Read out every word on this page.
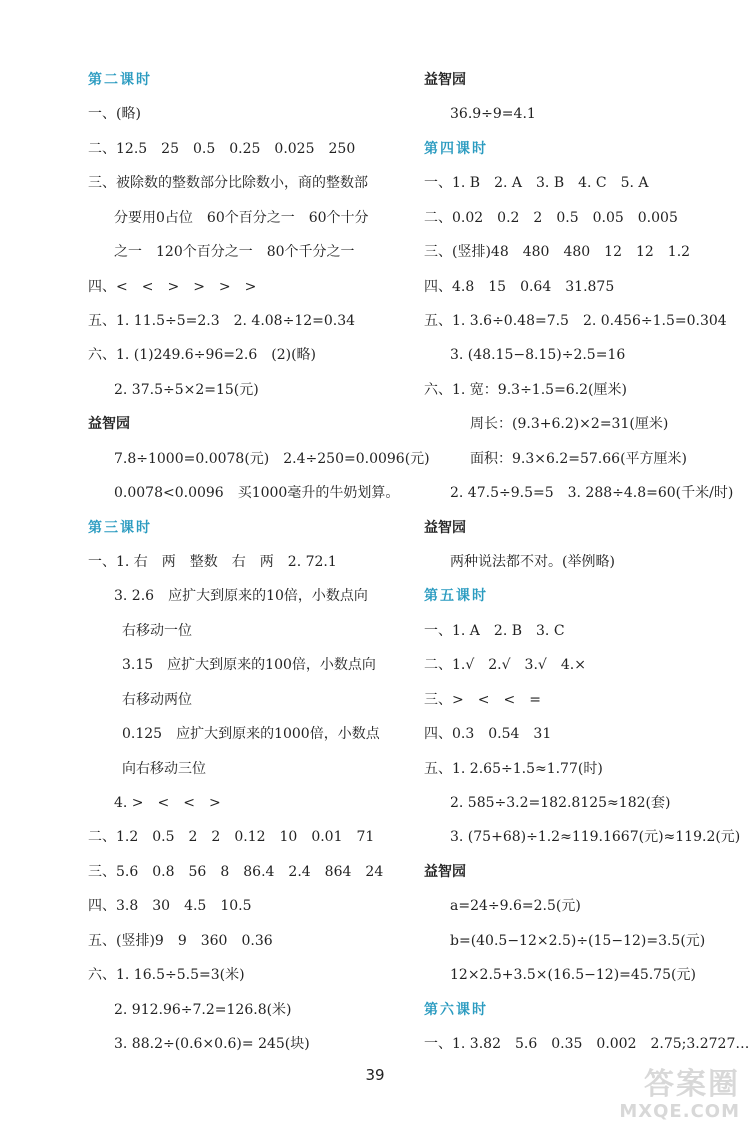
第二课时
一、(略)
二、12.5　25　0.5　0.25　0.025　250
三、被除数的整数部分比除数小，商的整数部
分要用0占位　60个百分之一　60个十分
之一　120个百分之一　80个千分之一
四、<　<　>　>　>　>
五、1. 11.5÷5=2.3　2. 4.08÷12=0.34
六、1. (1)249.6÷96=2.6　(2)(略)
2. 37.5÷5×2=15(元)
益智园
7.8÷1000=0.0078(元)　2.4÷250=0.0096(元)
0.0078<0.0096　买1000毫升的牛奶划算。
第三课时
一、1. 右　两　整数　右　两　2. 72.1
3. 2.6　应扩大到原来的10倍，小数点向
右移动一位
3.15　应扩大到原来的100倍，小数点向
右移动两位
0.125　应扩大到原来的1000倍，小数点
向右移动三位
4. >　<　<　>
二、1.2　0.5　2　2　0.12　10　0.01　71
三、5.6　0.8　56　8　86.4　2.4　864　24
四、3.8　30　4.5　10.5
五、(竖排)9　9　360　0.36
六、1. 16.5÷5.5=3(米)
2. 912.96÷7.2=126.8(米)
3. 88.2÷(0.6×0.6)= 245(块)
益智园
36.9÷9=4.1
第四课时
一、1. B　2. A　3. B　4. C　5. A
二、0.02　0.2　2　0.5　0.05　0.005
三、(竖排)48　480　480　12　12　1.2
四、4.8　15　0.64　31.875
五、1. 3.6÷0.48=7.5　2. 0.456÷1.5=0.304
3. (48.15−8.15)÷2.5=16
六、1. 宽：9.3÷1.5=6.2(厘米)
周长：(9.3+6.2)×2=31(厘米)
面积：9.3×6.2=57.66(平方厘米)
2. 47.5÷9.5=5　3. 288÷4.8=60(千米/时)
益智园
两种说法都不对。(举例略)
第五课时
一、1. A　2. B　3. C
二、1.√　2.√　3.√　4.×
三、>　<　<　=
四、0.3　0.54　31
五、1. 2.65÷1.5≈1.77(时)
2. 585÷3.2=182.8125≈182(套)
3. (75+68)÷1.2≈119.1667(元)≈119.2(元)
益智园
a=24÷9.6=2.5(元)
b=(40.5−12×2.5)÷(15−12)=3.5(元)
12×2.5+3.5×(16.5−12)=45.75(元)
第六课时
一、1. 3.82　5.6　0.35　0.002　2.75;3.2727…
39	答案圈
MXQE.COM
